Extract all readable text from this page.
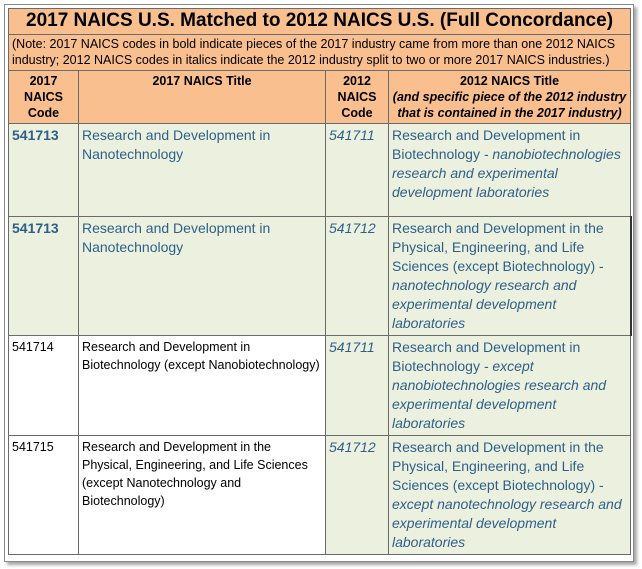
2017 NAICS U.S. Matched to 2012 NAICS U.S. (Full Concordance)			
(Note: 2017 NAICS codes in bold indicate pieces of the 2017 industry came from more than one 2012 NAICS industry; 2012 NAICS codes in italics indicate the 2012 industry split to two or more 2017 NAICS industries.)			
2017 NAICS Code	2017 NAICS Title	2012 NAICS Code	2012 NAICS Title
(and specific piece of the 2012 industry that is contained in the 2017 industry)

541713	Research and Development in Nanotechnology	541711	Research and Development in Biotechnology - nanobiotechnologies research and experimental development laboratories
541713	Research and Development in Nanotechnology	541712	Research and Development in the Physical, Engineering, and Life Sciences (except Biotechnology) - nanotechnology research and experimental development laboratories
541714	Research and Development in Biotechnology (except Nanobiotechnology)	541711	Research and Development in Biotechnology - except nanobiotechnologies research and experimental development laboratories
541715	Research and Development in the Physical, Engineering, and Life Sciences (except Nanotechnology and Biotechnology)	541712	Research and Development in the Physical, Engineering, and Life Sciences (except Biotechnology) - except nanotechnology research and experimental development laboratories
